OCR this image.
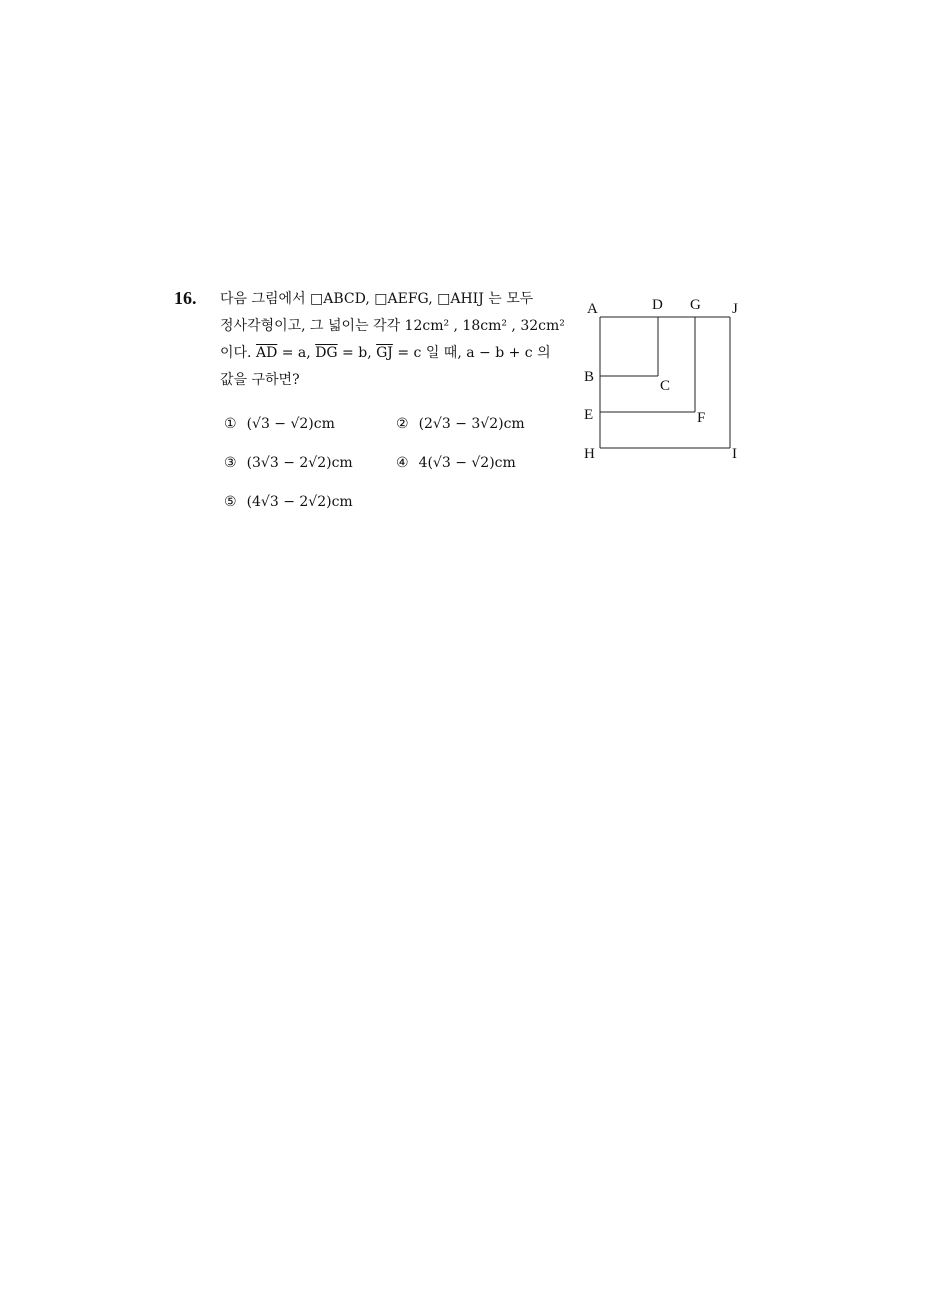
16. 다음 그림에서 □ABCD, □AEFG, □AHIJ 는 모두
정사각형이고, 그 넓이는 각각 12cm² , 18cm² , 32cm²
이다. $\overline{AD} = a$, $\overline{DG} = b$, $\overline{GJ} = c$ 일 때, a − b + c 의
값을 구하면?
① (√3 − √2)cm	② (2√3 − 3√2)cm
③ (3√3 − 2√2)cm	④ 4(√3 − √2)cm
⑤ (4√3 − 2√2)cm
A	D G J
B
C
E	F
H	I
